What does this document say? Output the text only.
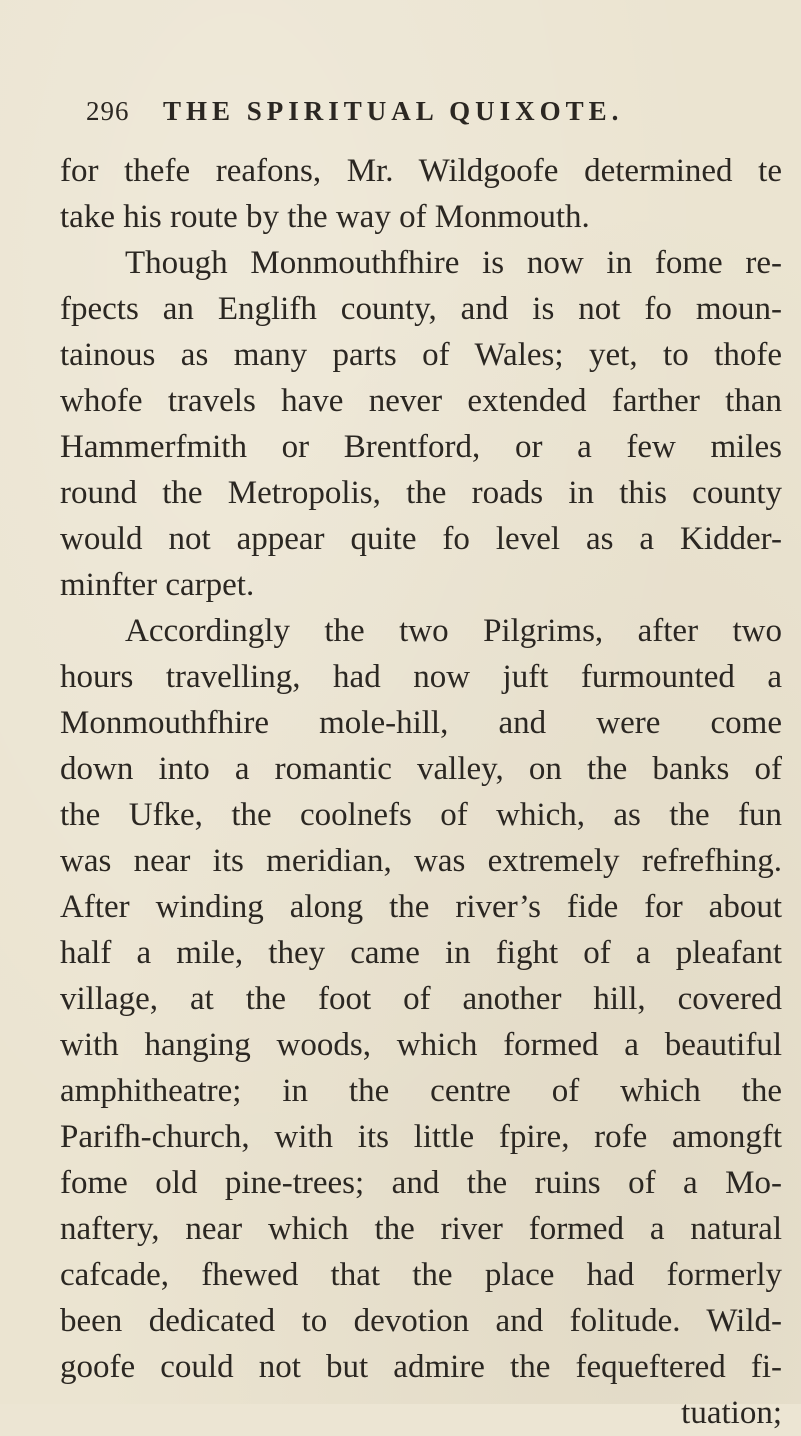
296 THE SPIRITUAL QUIXOTE.
for thefe reafons, Mr. Wildgoofe determined te
take his route by the way of Monmouth.
Though Monmouthfhire is now in fome re-
fpects an Englifh county, and is not fo moun-
tainous as many parts of Wales; yet, to thofe
whofe travels have never extended farther than
Hammerfmith or Brentford, or a few miles
round the Metropolis, the roads in this county
would not appear quite fo level as a Kidder-
minfter carpet.
Accordingly the two Pilgrims, after two
hours travelling, had now juft furmounted a
Monmouthfhire mole-hill, and were come
down into a romantic valley, on the banks of
the Ufke, the coolnefs of which, as the fun
was near its meridian, was extremely refrefhing.
After winding along the river’s fide for about
half a mile, they came in fight of a pleafant
village, at the foot of another hill, covered
with hanging woods, which formed a beautiful
amphitheatre; in the centre of which the
Parifh-church, with its little fpire, rofe amongft
fome old pine-trees; and the ruins of a Mo-
naftery, near which the river formed a natural
cafcade, fhewed that the place had formerly
been dedicated to devotion and folitude. Wild-
goofe could not but admire the fequeftered fi-
tuation;
